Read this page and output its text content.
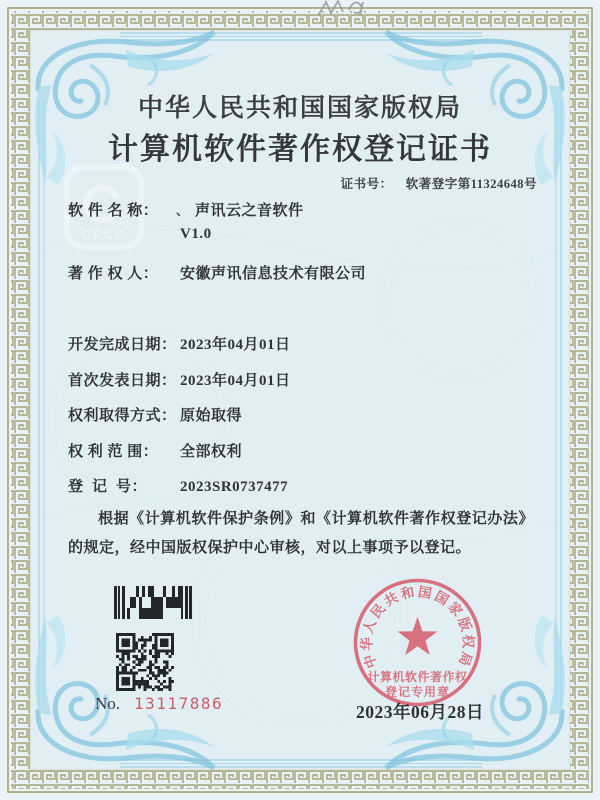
CPCC
中华人民共和国国家版权局
计算机软件著作权登记证书
证书号： 软著登字第11324648号
软 件 名 称：	、 声讯云之音软件
V1.0
著 作 权 人：	安徽声讯信息技术有限公司
开发完成日期： 2023年04月01日
首次发表日期： 2023年04月01日
权利取得方式： 原始取得
权 利 范 围：	全部权利
登  记  号：	2023SR0737477
根据《计算机软件保护条例》和《计算机软件著作权登记办法》的规定，经中国版权保护中心审核，对以上事项予以登记。
No. 13117886
中华人民共和国国家版权局
计算机软件著作权
登记专用章
2023年06月28日
